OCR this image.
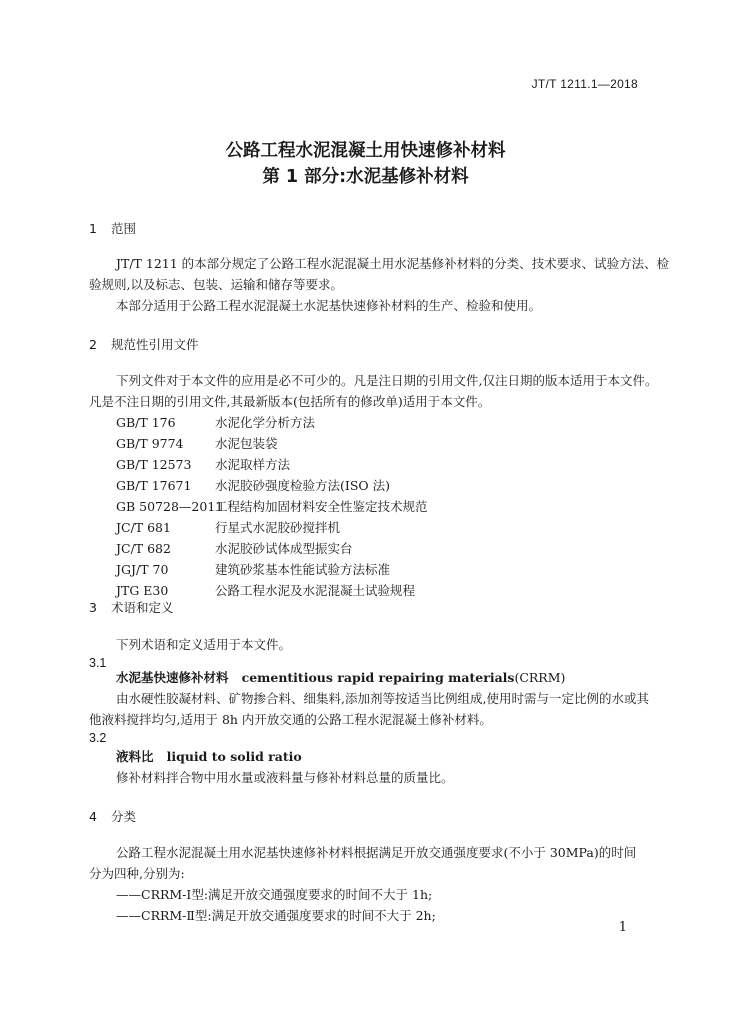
JT/T 1211.1—2018
公路工程水泥混凝土用快速修补材料
第 1 部分:水泥基修补材料
1 范围
JT/T 1211 的本部分规定了公路工程水泥混凝土用水泥基修补材料的分类、技术要求、试验方法、检
验规则,以及标志、包装、运输和储存等要求。
本部分适用于公路工程水泥混凝土水泥基快速修补材料的生产、检验和使用。
2 规范性引用文件
下列文件对于本文件的应用是必不可少的。凡是注日期的引用文件,仅注日期的版本适用于本文件。
凡是不注日期的引用文件,其最新版本(包括所有的修改单)适用于本文件。
GB/T 176	水泥化学分析方法
GB/T 9774	水泥包装袋
GB/T 12573 水泥取样方法
GB/T 17671 水泥胶砂强度检验方法(ISO 法)
GB 50728—2011工程结构加固材料安全性鉴定技术规范
JC/T 681	行星式水泥胶砂搅拌机
JC/T 682	水泥胶砂试体成型振实台
JGJ/T 70	建筑砂浆基本性能试验方法标准
JTG E30	公路工程水泥及水泥混凝土试验规程
3 术语和定义
下列术语和定义适用于本文件。
3.1
水泥基快速修补材料 cementitious rapid repairing materials(CRRM)
由水硬性胶凝材料、矿物掺合料、细集料,添加剂等按适当比例组成,使用时需与一定比例的水或其
他液料搅拌均匀,适用于 8h 内开放交通的公路工程水泥混凝土修补材料。
3.2
液料比 liquid to solid ratio
修补材料拌合物中用水量或液料量与修补材料总量的质量比。
4 分类
公路工程水泥混凝土用水泥基快速修补材料根据满足开放交通强度要求(不小于 30MPa)的时间
分为四种,分别为:
——CRRM-Ⅰ型:满足开放交通强度要求的时间不大于 1h;
——CRRM-Ⅱ型:满足开放交通强度要求的时间不大于 2h;
1
